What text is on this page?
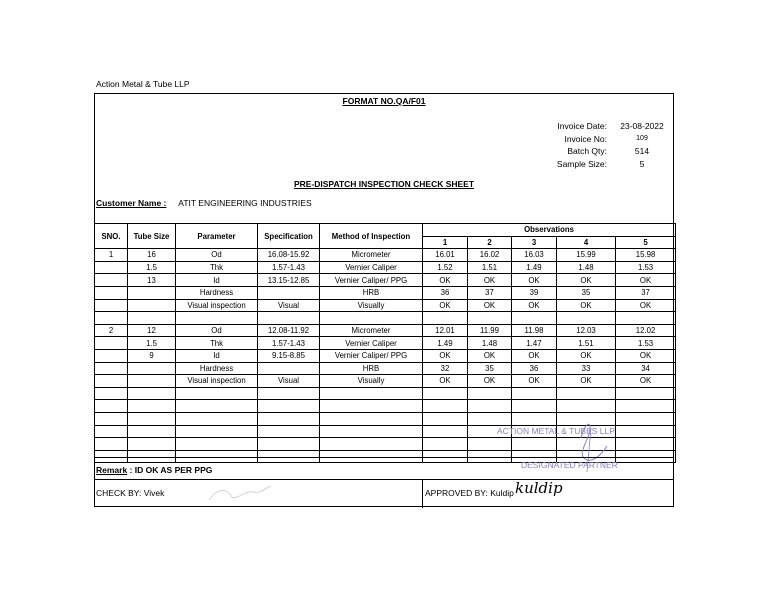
Action Metal & Tube LLP
FORMAT NO.QA/F01
Invoice Date:	23-08-2022
Invoice No:	109
Batch Qty:	514
Sample Size:	5
PRE-DISPATCH INSPECTION CHECK SHEET
Customer Name : ATIT ENGINEERING INDUSTRIES
SNO.	Tube Size	Parameter	Specification	Method of Inspection	Observations				
					1	2	3	4	5
1	16	Od	16.08-15.92	Micrometer	16.01	16.02	16.03	15.99	15.98
	1.5	Thk	1.57-1.43	Vernier Caliper	1.52	1.51	1.49	1.48	1.53
	13	Id	13.15-12.85	Vernier Caliper/ PPG	OK	OK	OK	OK	OK
		Hardness		HRB	36	37	39	35	37
		Visual inspection	Visual	Visually	OK	OK	OK	OK	OK

2	12	Od	12.08-11.92	Micrometer	12.01	11.99	11.98	12.03	12.02
	1.5	Thk	1.57-1.43	Vernier Caliper	1.49	1.48	1.47	1.51	1.53
	9	Id	9.15-8.85	Vernier Caliper/ PPG	OK	OK	OK	OK	OK
		Hardness		HRB	32	35	36	33	34
		Visual inspection	Visual	Visually	OK	OK	OK	OK	OK

ACTION METAL & TUBES LLP
DESIGNATED PARTNER
Remark : ID OK AS PER PPG
CHECK BY: Vivek	APPROVED BY: Kuldip kuldip
